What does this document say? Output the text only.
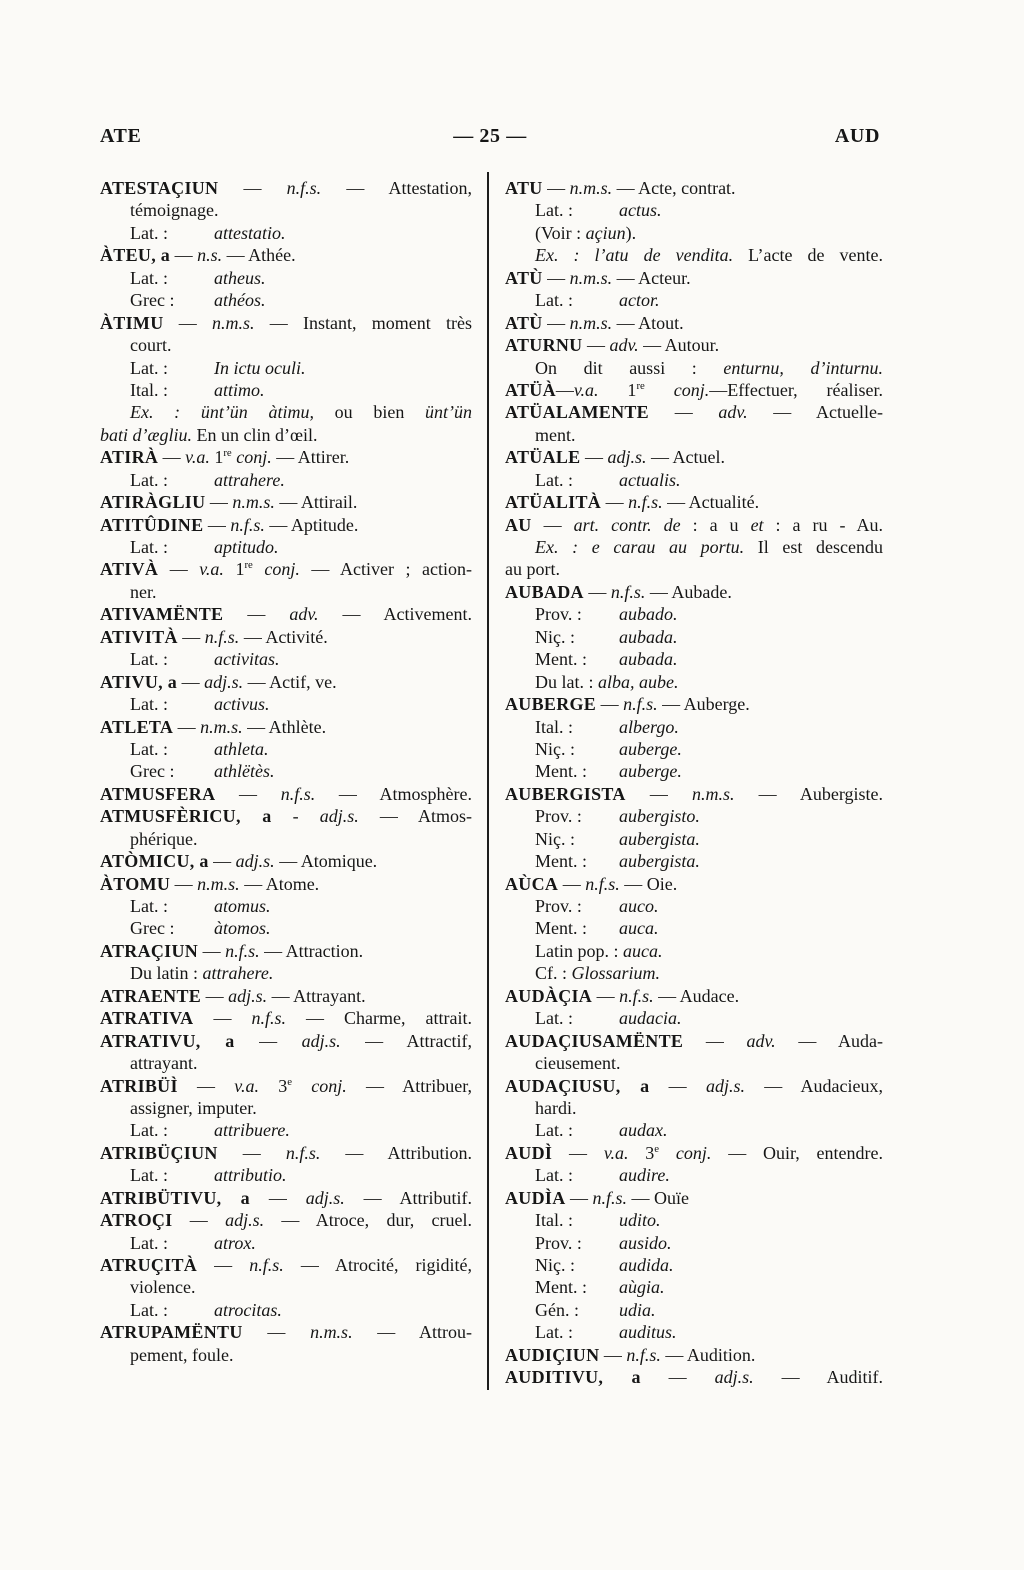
ATE	— 25 —	AUD
ATESTAÇIUN — n.f.s. — Attestation,
témoignage.
Lat. :	attestatio.
ÀTEU, a — n.s. — Athée.
Lat. :	atheus.
Grec : athéos.
ÀTIMU — n.m.s. — Instant, moment très
court.
Lat. :	In ictu oculi.
Ital. :	attimo.
Ex. : ünt’ün àtimu, ou bien ünt’ün
bati d’ægliu. En un clin d’œil.
ATIRÀ — v.a. 1re conj. — Attirer.
Lat. :	attrahere.
ATIRÀGLIU — n.m.s. — Attirail.
ATITÛDINE — n.f.s. — Aptitude.
Lat. :	aptitudo.
ATIVÀ — v.a. 1re conj. — Activer ; action-
ner.
ATIVAMËNTE — adv. — Activement.
ATIVITÀ — n.f.s. — Activité.
Lat. :	activitas.
ATIVU, a — adj.s. — Actif, ve.
Lat. :	activus.
ATLETA — n.m.s. — Athlète.
Lat. :	athleta.
Grec : athlëtès.
ATMUSFERA — n.f.s. — Atmosphère.
ATMUSFÈRICU, a - adj.s. — Atmos-
phérique.
ATÒMICU, a — adj.s. — Atomique.
ÀTOMU — n.m.s. — Atome.
Lat. :	atomus.
Grec : àtomos.
ATRAÇIUN — n.f.s. — Attraction.
Du latin : attrahere.
ATRAENTE — adj.s. — Attrayant.
ATRATIVA — n.f.s. — Charme, attrait.
ATRATIVU, a — adj.s. — Attractif,
attrayant.
ATRIBÜÌ — v.a. 3e conj. — Attribuer,
assigner, imputer.
Lat. :	attribuere.
ATRIBÜÇIUN — n.f.s. — Attribution.
Lat. :	attributio.
ATRIBÜTIVU, a — adj.s. — Attributif.
ATROÇI — adj.s. — Atroce, dur, cruel.
Lat. :	atrox.
ATRUÇITÀ — n.f.s. — Atrocité, rigidité,
violence.
Lat. :	atrocitas.
ATRUPAMËNTU — n.m.s. — Attrou-
pement, foule.
ATU — n.m.s. — Acte, contrat.
Lat. :	actus.
(Voir : açiun).
Ex. : l’atu de vendita. L’acte de vente.
ATÙ — n.m.s. — Acteur.
Lat. :	actor.
ATÙ — n.m.s. — Atout.
ATURNU — adv. — Autour.
On dit aussi : enturnu, d’inturnu.
ATÜÀ—v.a. 1re conj.—Effectuer, réaliser.
ATÜALAMENTE — adv. — Actuelle-
ment.
ATÜALE — adj.s. — Actuel.
Lat. :	actualis.
ATÜALITÀ — n.f.s. — Actualité.
AU — art. contr. de : a u et : a ru - Au.
Ex. : e carau au portu. Il est descendu
au port.
AUBADA — n.f.s. — Aubade.
Prov. : aubado.
Niç. : aubada.
Ment. : aubada.
Du lat. : alba, aube.
AUBERGE — n.f.s. — Auberge.
Ital. :	albergo.
Niç. : auberge.
Ment. : auberge.
AUBERGISTA — n.m.s. — Aubergiste.
Prov. : aubergisto.
Niç. : aubergista.
Ment. : aubergista.
AÙCA — n.f.s. — Oie.
Prov. : auco.
Ment. : auca.
Latin pop. : auca.
Cf. : Glossarium.
AUDÀÇIA — n.f.s. — Audace.
Lat. :	audacia.
AUDAÇIUSAMËNTE — adv. — Auda-
cieusement.
AUDAÇIUSU, a — adj.s. — Audacieux,
hardi.
Lat. :	audax.
AUDÌ — v.a. 3e conj. — Ouir, entendre.
Lat. :	audire.
AUDÌA — n.f.s. — Ouïe
Ital. :	udito.
Prov. : ausido.
Niç. : audida.
Ment. : aùgia.
Gén. : udia.
Lat. :	auditus.
AUDIÇIUN — n.f.s. — Audition.
AUDITIVU, a — adj.s. — Auditif.
